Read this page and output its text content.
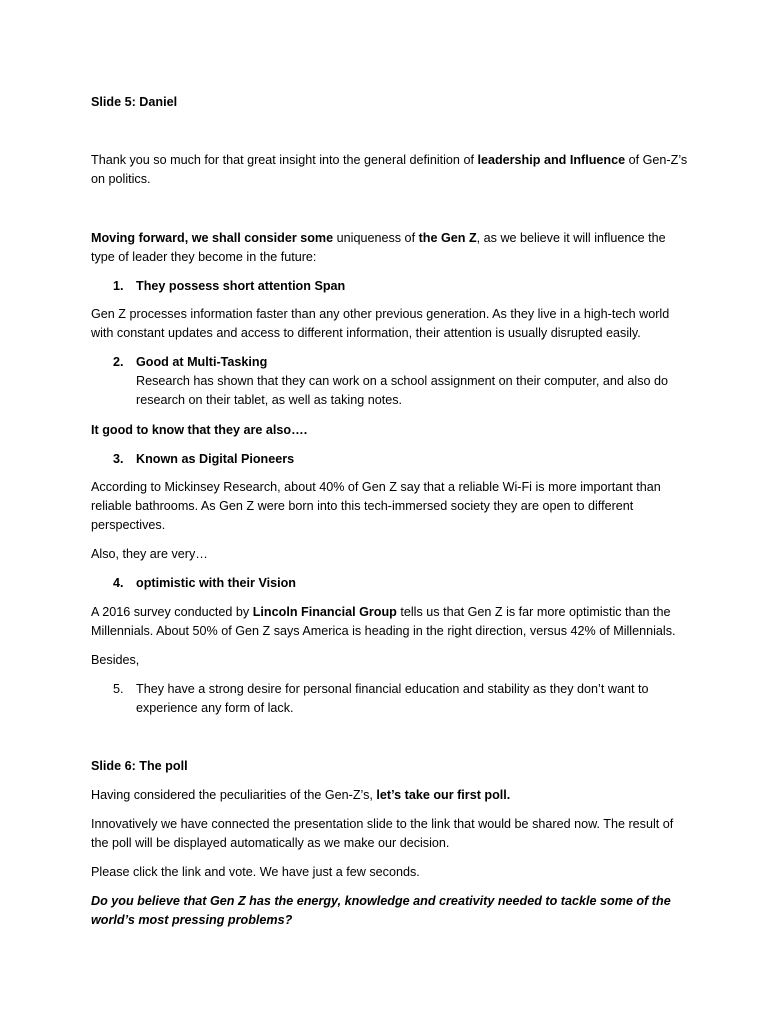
Slide 5: Daniel

Thank you so much for that great insight into the general definition of leadership and Influence of Gen-Z’s on politics.

Moving forward, we shall consider some uniqueness of the Gen Z, as we believe it will influence the type of leader they become in the future:

1. They possess short attention Span

Gen Z processes information faster than any other previous generation. As they live in a high-tech world with constant updates and access to different information, their attention is usually disrupted easily.

2. Good at Multi-Tasking
Research has shown that they can work on a school assignment on their computer, and also do research on their tablet, as well as taking notes.

It good to know that they are also….

3. Known as Digital Pioneers

According to Mickinsey Research, about 40% of Gen Z say that a reliable Wi-Fi is more important than reliable bathrooms. As Gen Z were born into this tech-immersed society they are open to different perspectives.

Also, they are very…

4. optimistic with their Vision

A 2016 survey conducted by Lincoln Financial Group tells us that Gen Z is far more optimistic than the Millennials. About 50% of Gen Z says America is heading in the right direction, versus 42% of Millennials.

Besides,

5. They have a strong desire for personal financial education and stability as they don’t want to experience any form of lack.

Slide 6: The poll

Having considered the peculiarities of the Gen-Z’s, let’s take our first poll.

Innovatively we have connected the presentation slide to the link that would be shared now. The result of the poll will be displayed automatically as we make our decision.

Please click the link and vote. We have just a few seconds.

Do you believe that Gen Z has the energy, knowledge and creativity needed to tackle some of the world’s most pressing problems?
